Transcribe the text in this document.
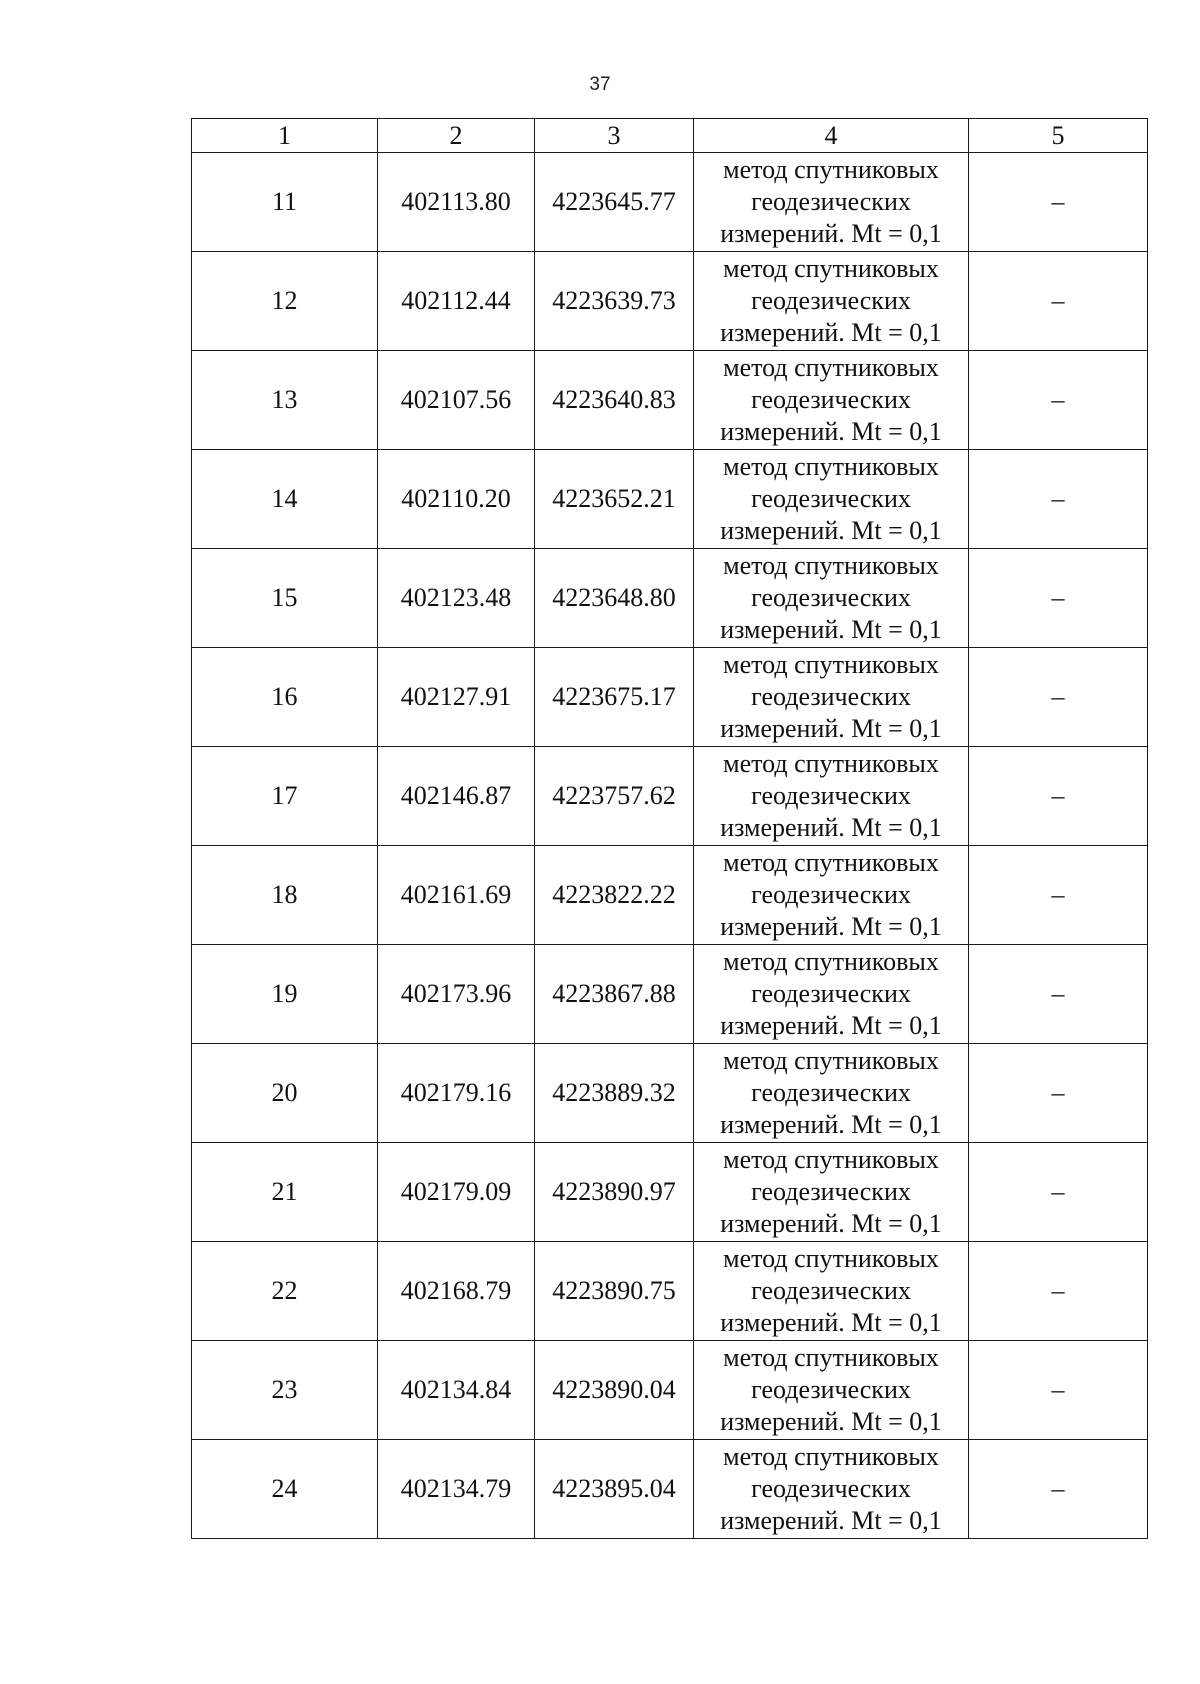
37
1	2	3	4	5
11	402113.80	4223645.77	метод спутниковых
геодезических
измерений. Mt = 0,1	–
12	402112.44	4223639.73	метод спутниковых
геодезических
измерений. Mt = 0,1	–
13	402107.56	4223640.83	метод спутниковых
геодезических
измерений. Mt = 0,1	–
14	402110.20	4223652.21	метод спутниковых
геодезических
измерений. Mt = 0,1	–
15	402123.48	4223648.80	метод спутниковых
геодезических
измерений. Mt = 0,1	–
16	402127.91	4223675.17	метод спутниковых
геодезических
измерений. Mt = 0,1	–
17	402146.87	4223757.62	метод спутниковых
геодезических
измерений. Mt = 0,1	–
18	402161.69	4223822.22	метод спутниковых
геодезических
измерений. Mt = 0,1	–
19	402173.96	4223867.88	метод спутниковых
геодезических
измерений. Mt = 0,1	–
20	402179.16	4223889.32	метод спутниковых
геодезических
измерений. Mt = 0,1	–
21	402179.09	4223890.97	метод спутниковых
геодезических
измерений. Mt = 0,1	–
22	402168.79	4223890.75	метод спутниковых
геодезических
измерений. Mt = 0,1	–
23	402134.84	4223890.04	метод спутниковых
геодезических
измерений. Mt = 0,1	–
24	402134.79	4223895.04	метод спутниковых
геодезических
измерений. Mt = 0,1	–
